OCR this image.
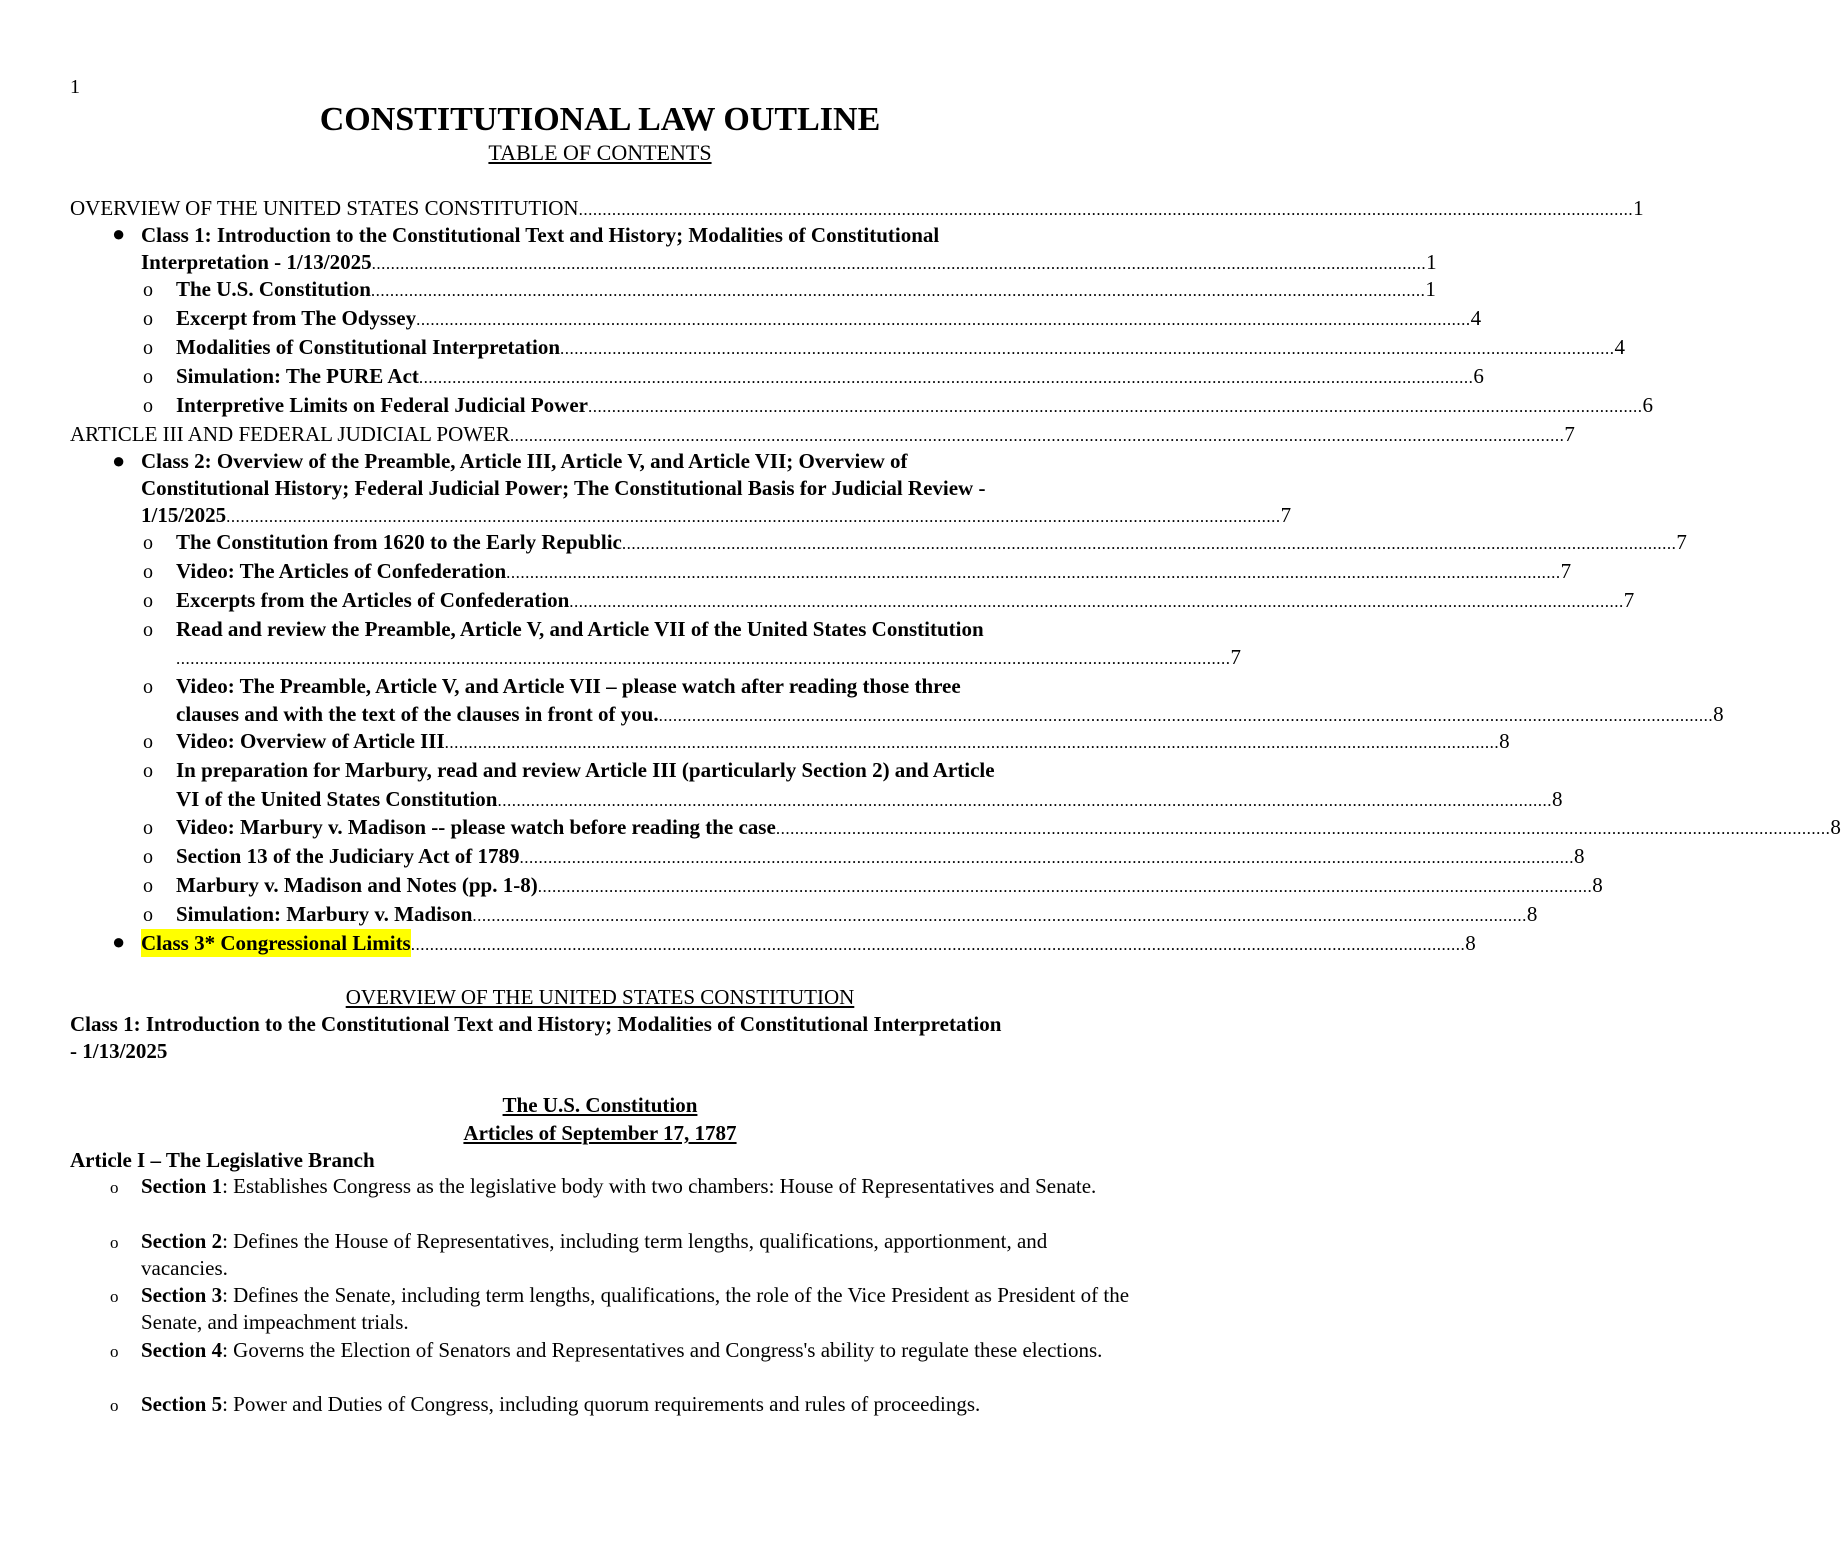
1
CONSTITUTIONAL LAW OUTLINE
TABLE OF CONTENTS
OVERVIEW OF THE UNITED STATES CONSTITUTION .............................................................................................................................................................................................................................. 1
● Class 1: Introduction to the Constitutional Text and History; Modalities of Constitutional
Interpretation - 1/13/2025 .............................................................................................................................................................................................................................. 1
o The U.S. Constitution .............................................................................................................................................................................................................................. 1
o Excerpt from The Odyssey .............................................................................................................................................................................................................................. 4
o Modalities of Constitutional Interpretation .............................................................................................................................................................................................................................. 4
o Simulation: The PURE Act .............................................................................................................................................................................................................................. 6
o Interpretive Limits on Federal Judicial Power .............................................................................................................................................................................................................................. 6
ARTICLE III AND FEDERAL JUDICIAL POWER .............................................................................................................................................................................................................................. 7
● Class 2: Overview of the Preamble, Article III, Article V, and Article VII; Overview of
Constitutional History; Federal Judicial Power; The Constitutional Basis for Judicial Review -
1/15/2025 .............................................................................................................................................................................................................................. 7
o The Constitution from 1620 to the Early Republic .............................................................................................................................................................................................................................. 7
o Video: The Articles of Confederation .............................................................................................................................................................................................................................. 7
o Excerpts from the Articles of Confederation .............................................................................................................................................................................................................................. 7
o Read and review the Preamble, Article V, and Article VII of the United States Constitution
.............................................................................................................................................................................................................................. 7
o Video: The Preamble, Article V, and Article VII – please watch after reading those three
clauses and with the text of the clauses in front of you. .............................................................................................................................................................................................................................. 8
o Video: Overview of Article III .............................................................................................................................................................................................................................. 8
o In preparation for Marbury, read and review Article III (particularly Section 2) and Article
VI of the United States Constitution .............................................................................................................................................................................................................................. 8
o Video: Marbury v. Madison -- please watch before reading the case .............................................................................................................................................................................................................................. 8
o Section 13 of the Judiciary Act of 1789 .............................................................................................................................................................................................................................. 8
o Marbury v. Madison and Notes (pp. 1-8) .............................................................................................................................................................................................................................. 8
o Simulation: Marbury v. Madison .............................................................................................................................................................................................................................. 8
● Class 3* Congressional Limits .............................................................................................................................................................................................................................. 8
OVERVIEW OF THE UNITED STATES CONSTITUTION
Class 1: Introduction to the Constitutional Text and History; Modalities of Constitutional Interpretation
- 1/13/2025
The U.S. Constitution
Articles of September 17, 1787
Article I – The Legislative Branch
o Section 1: Establishes Congress as the legislative body with two chambers: House of Representatives and Senate.
o Section 2: Defines the House of Representatives, including term lengths, qualifications, apportionment, and vacancies.
o Section 3: Defines the Senate, including term lengths, qualifications, the role of the Vice President as President of the Senate, and impeachment trials.
o Section 4: Governs the Election of Senators and Representatives and Congress's ability to regulate these elections.
o Section 5: Power and Duties of Congress, including quorum requirements and rules of proceedings.
